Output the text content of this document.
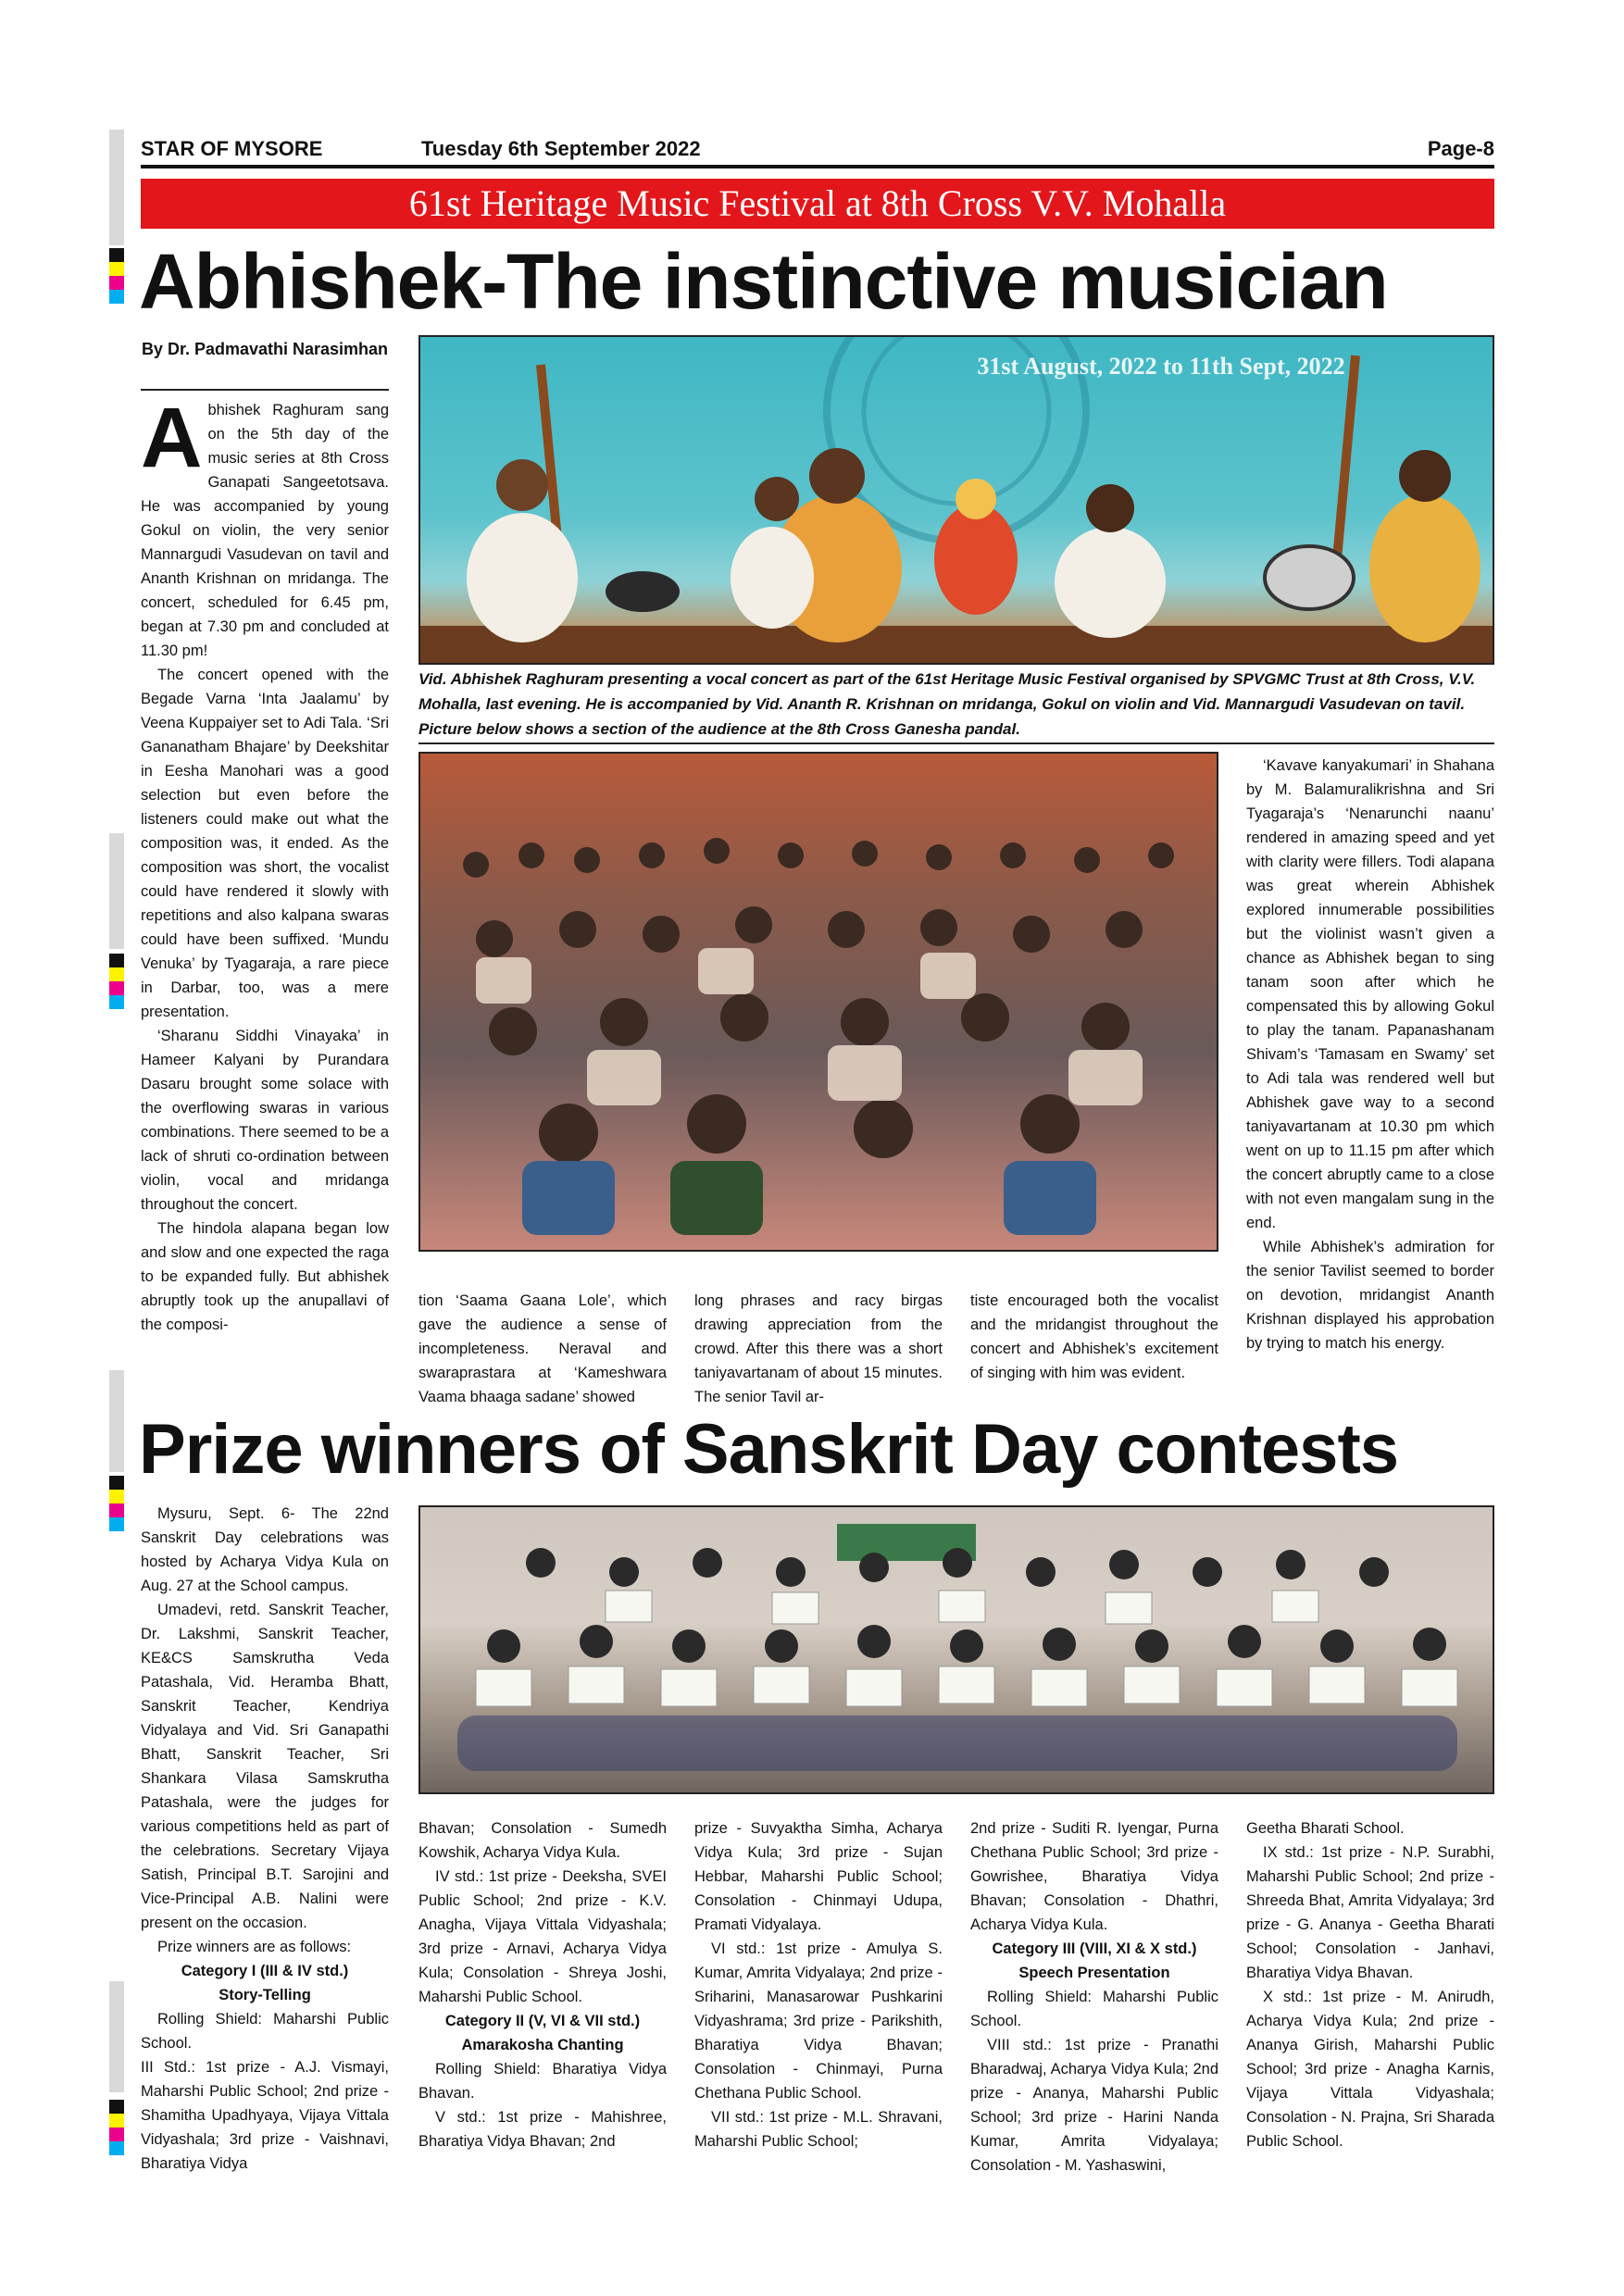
STAR OF MYSORE	Tuesday 6th September 2022	Page-8
61st Heritage Music Festival at 8th Cross V.V. Mohalla
Abhishek-The instinctive musician
By Dr. Padmavathi Narasimhan

Abhishek Raghuram sang on the 5th day of the music series at 8th Cross Ganapati Sangeetotsava. He was accompanied by young Gokul on violin, the very senior Mannargudi Vasudevan on tavil and Ananth Krishnan on mridanga. The concert, scheduled for 6.45 pm, began at 7.30 pm and concluded at 11.30 pm!

The concert opened with the Begade Varna ‘Inta Jaalamu’ by Veena Kuppaiyer set to Adi Tala. ‘Sri Gananatham Bhajare’ by Deekshitar in Eesha Manohari was a good selection but even before the listeners could make out what the composition was, it ended. As the composition was short, the vocalist could have rendered it slowly with repetitions and also kalpana swaras could have been suffixed. ‘Mundu Venuka’ by Tyagaraja, a rare piece in Darbar, too, was a mere presentation.

‘Sharanu Siddhi Vinayaka’ in Hameer Kalyani by Purandara Dasaru brought some solace with the overflowing swaras in various combinations. There seemed to be a lack of shruti co-ordination between violin, vocal and mridanga throughout the concert.

The hindola alapana began low and slow and one expected the raga to be expanded fully. But abhishek abruptly took up the anupallavi of the composi-

31st August, 2022 to 11th Sept, 2022
Vid. Abhishek Raghuram presenting a vocal concert as part of the 61st Heritage Music Festival organised by SPVGMC Trust at 8th Cross, V.V. Mohalla, last evening. He is accompanied by Vid. Ananth R. Krishnan on mridanga, Gokul on violin and Vid. Mannargudi Vasudevan on tavil. Picture below shows a section of the audience at the 8th Cross Ganesha pandal.

tion ‘Saama Gaana Lole’, which gave the audience a sense of incompleteness. Neraval and swaraprastara at ‘Kameshwara Vaama bhaaga sadane’ showed

long phrases and racy birgas drawing appreciation from the crowd. After this there was a short taniyavartanam of about 15 minutes. The senior Tavil ar-

tiste encouraged both the vocalist and the mridangist throughout the concert and Abhishek’s excitement of singing with him was evident.

‘Kavave kanyakumari’ in Shahana by M. Balamuralikrishna and Sri Tyagaraja’s ‘Nenarunchi naanu’ rendered in amazing speed and yet with clarity were fillers. Todi alapana was great wherein Abhishek explored innumerable possibilities but the violinist wasn’t given a chance as Abhishek began to sing tanam soon after which he compensated this by allowing Gokul to play the tanam. Papanashanam Shivam’s ‘Tamasam en Swamy’ set to Adi tala was rendered well but Abhishek gave way to a second taniyavartanam at 10.30 pm which went on up to 11.15 pm after which the concert abruptly came to a close with not even mangalam sung in the end.

While Abhishek’s admiration for the senior Tavilist seemed to border on devotion, mridangist Ananth Krishnan displayed his approbation by trying to match his energy.

Prize winners of Sanskrit Day contests

Mysuru, Sept. 6- The 22nd Sanskrit Day celebrations was hosted by Acharya Vidya Kula on Aug. 27 at the School campus.

Umadevi, retd. Sanskrit Teacher, Dr. Lakshmi, Sanskrit Teacher, KE&CS Samskrutha Veda Patashala, Vid. Heramba Bhatt, Sanskrit Teacher, Kendriya Vidyalaya and Vid. Sri Ganapathi Bhatt, Sanskrit Teacher, Sri Shankara Vilasa Samskrutha Patashala, were the judges for various competitions held as part of the celebrations. Secretary Vijaya Satish, Principal B.T. Sarojini and Vice-Principal A.B. Nalini were present on the occasion.

Prize winners are as follows:

Category I (III & IV std.)

Story-Telling

Rolling Shield: Maharshi Public School.

III Std.: 1st prize - A.J. Vismayi, Maharshi Public School; 2nd prize - Shamitha Upadhyaya, Vijaya Vittala Vidyashala; 3rd prize - Vaishnavi, Bharatiya Vidya

Bhavan; Consolation - Sumedh Kowshik, Acharya Vidya Kula.

IV std.: 1st prize - Deeksha, SVEI Public School; 2nd prize - K.V. Anagha, Vijaya Vittala Vidyashala; 3rd prize - Arnavi, Acharya Vidya Kula; Consolation - Shreya Joshi, Maharshi Public School.

Category II (V, VI & VII std.)

Amarakosha Chanting

Rolling Shield: Bharatiya Vidya Bhavan.

V std.: 1st prize - Mahishree, Bharatiya Vidya Bhavan; 2nd

prize - Suvyaktha Simha, Acharya Vidya Kula; 3rd prize - Sujan Hebbar, Maharshi Public School; Consolation - Chinmayi Udupa, Pramati Vidyalaya.

VI std.: 1st prize - Amulya S. Kumar, Amrita Vidyalaya; 2nd prize - Sriharini, Manasarowar Pushkarini Vidyashrama; 3rd prize - Parikshith, Bharatiya Vidya Bhavan; Consolation - Chinmayi, Purna Chethana Public School.

VII std.: 1st prize - M.L. Shravani, Maharshi Public School;

2nd prize - Suditi R. Iyengar, Purna Chethana Public School; 3rd prize - Gowrishee, Bharatiya Vidya Bhavan; Consolation - Dhathri, Acharya Vidya Kula.

Category III (VIII, XI & X std.)

Speech Presentation

Rolling Shield: Maharshi Public School.

VIII std.: 1st prize - Pranathi Bharadwaj, Acharya Vidya Kula; 2nd prize - Ananya, Maharshi Public School; 3rd prize - Harini Nanda Kumar, Amrita Vidyalaya; Consolation - M. Yashaswini,

Geetha Bharati School.

IX std.: 1st prize - N.P. Surabhi, Maharshi Public School; 2nd prize - Shreeda Bhat, Amrita Vidyalaya; 3rd prize - G. Ananya - Geetha Bharati School; Consolation - Janhavi, Bharatiya Vidya Bhavan.

X std.: 1st prize - M. Anirudh, Acharya Vidya Kula; 2nd prize - Ananya Girish, Maharshi Public School; 3rd prize - Anagha Karnis, Vijaya Vittala Vidyashala; Consolation - N. Prajna, Sri Sharada Public School.
